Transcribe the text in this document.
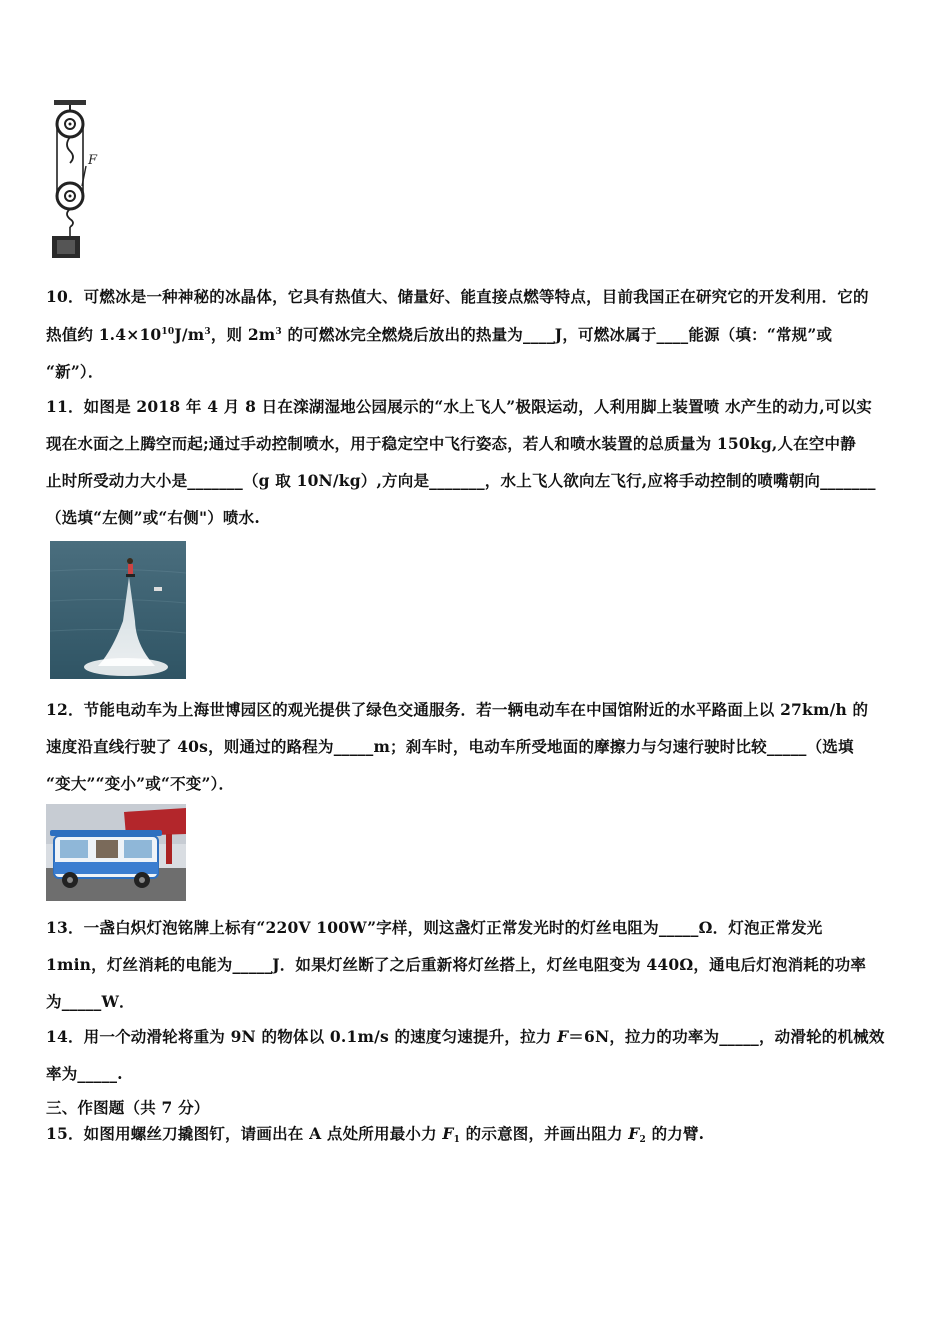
F
10．可燃冰是一种神秘的冰晶体，它具有热值大、储量好、能直接点燃等特点，目前我国正在研究它的开发利用．它的
热值约 $1.4\times 10^{10}J/m^3$，则 $2m^3$ 的可燃冰完全燃烧后放出的热量为____J，可燃冰属于____能源（填：“常规”或
“新”）．
11．如图是 2018 年 4 月 8 日在滦湖湿地公园展示的“水上飞人”极限运动，人利用脚上装置喷 水产生的动力,可以实
现在水面之上腾空而起;通过手动控制喷水，用于稳定空中飞行姿态，若人和喷水装置的总质量为 150kg,人在空中静
止时所受动力大小是_______（g 取 10N/kg）,方向是_______，水上飞人欲向左飞行,应将手动控制的喷嘴朝向_______
（选填“左侧”或“右侧"）喷水.
12．节能电动车为上海世博园区的观光提供了绿色交通服务．若一辆电动车在中国馆附近的水平路面上以 27km/h 的
速度沿直线行驶了 40s，则通过的路程为_____m；刹车时，电动车所受地面的摩擦力与匀速行驶时比较_____（选填
“变大”“变小”或“不变”）．
13．一盏白炽灯泡铭牌上标有“220V 100W”字样，则这盏灯正常发光时的灯丝电阻为_____Ω．灯泡正常发光
1min，灯丝消耗的电能为_____J．如果灯丝断了之后重新将灯丝搭上，灯丝电阻变为 440Ω，通电后灯泡消耗的功率
为_____W．
14．用一个动滑轮将重为 9N 的物体以 0.1m/s 的速度匀速提升，拉力 F＝6N，拉力的功率为_____，动滑轮的机械效
率为_____.
三、作图题（共 7 分）
15．如图用螺丝刀撬图钉，请画出在 A 点处所用最小力 $F_1$ 的示意图，并画出阻力 $F_2$ 的力臂.
